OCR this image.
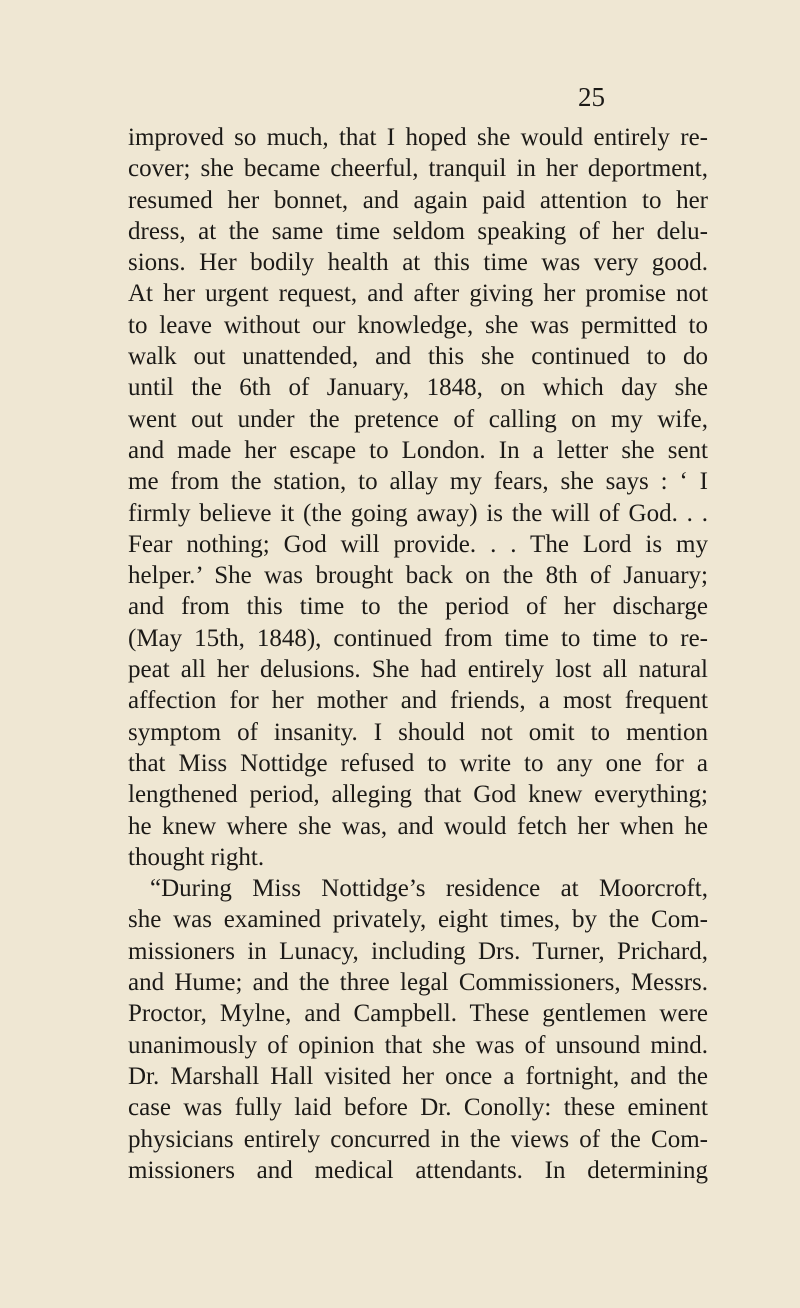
25
improved so much, that I hoped she would entirely re-
cover; she became cheerful, tranquil in her deportment,
resumed her bonnet, and again paid attention to her
dress, at the same time seldom speaking of her delu-
sions. Her bodily health at this time was very good.
At her urgent request, and after giving her promise not
to leave without our knowledge, she was permitted to
walk out unattended, and this she continued to do
until the 6th of January, 1848, on which day she
went out under the pretence of calling on my wife,
and made her escape to London. In a letter she sent
me from the station, to allay my fears, she says : ‘ I
firmly believe it (the going away) is the will of God. . .
Fear nothing; God will provide. . . The Lord is my
helper.’ She was brought back on the 8th of January;
and from this time to the period of her discharge
(May 15th, 1848), continued from time to time to re-
peat all her delusions. She had entirely lost all natural
affection for her mother and friends, a most frequent
symptom of insanity. I should not omit to mention
that Miss Nottidge refused to write to any one for a
lengthened period, alleging that God knew everything;
he knew where she was, and would fetch her when he
thought right.
“During Miss Nottidge’s residence at Moorcroft,
she was examined privately, eight times, by the Com-
missioners in Lunacy, including Drs. Turner, Prichard,
and Hume; and the three legal Commissioners, Messrs.
Proctor, Mylne, and Campbell. These gentlemen were
unanimously of opinion that she was of unsound mind.
Dr. Marshall Hall visited her once a fortnight, and the
case was fully laid before Dr. Conolly: these eminent
physicians entirely concurred in the views of the Com-
missioners and medical attendants. In determining
